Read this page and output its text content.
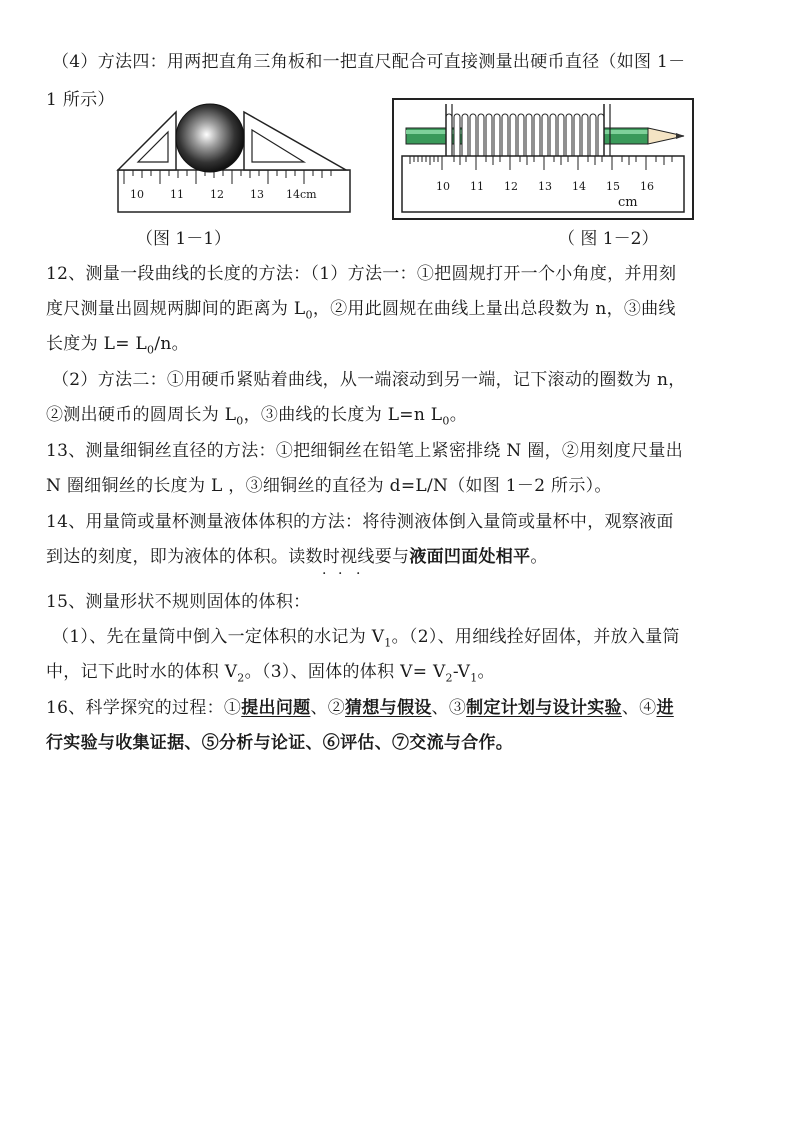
（4）方法四：用两把直角三角板和一把直尺配合可直接测量出硬币直径（如图 1－
1 所示）
10 11 12 13 14cm
10 11 12 13 14 15 16
cm
（图 1－1）	（ 图 1－2）
12、测量一段曲线的长度的方法：（1）方法一：①把圆规打开一个小角度，并用刻
度尺测量出圆规两脚间的距离为 $L_0$，②用此圆规在曲线上量出总段数为 n，③曲线
长度为 $L= L_0/n$。
（2）方法二：①用硬币紧贴着曲线，从一端滚动到另一端，记下滚动的圈数为 n，
②测出硬币的圆周长为 $L_0$，③曲线的长度为 L=n $L_0$。
13、测量细铜丝直径的方法：①把细铜丝在铅笔上紧密排绕 N 圈，②用刻度尺量出
N 圈细铜丝的长度为 L ，③细铜丝的直径为 d=L/N（如图 1－2 所示）。
14、用量筒或量杯测量液体体积的方法：将待测液体倒入量筒或量杯中，观察液面
到达的刻度，即为液体的体积。读数时视线要与液面凹面处相平。
· · ·
15、测量形状不规则固体的体积：
（1）、先在量筒中倒入一定体积的水记为 $V_1$。（2）、用细线拴好固体，并放入量筒
中，记下此时水的体积 $V_2$。（3）、固体的体积 $V= V_2-V_1$。
16、科学探究的过程：①提出问题、②猜想与假设、③制定计划与设计实验、④进
行实验与收集证据、⑤分析与论证、⑥评估、⑦交流与合作。
